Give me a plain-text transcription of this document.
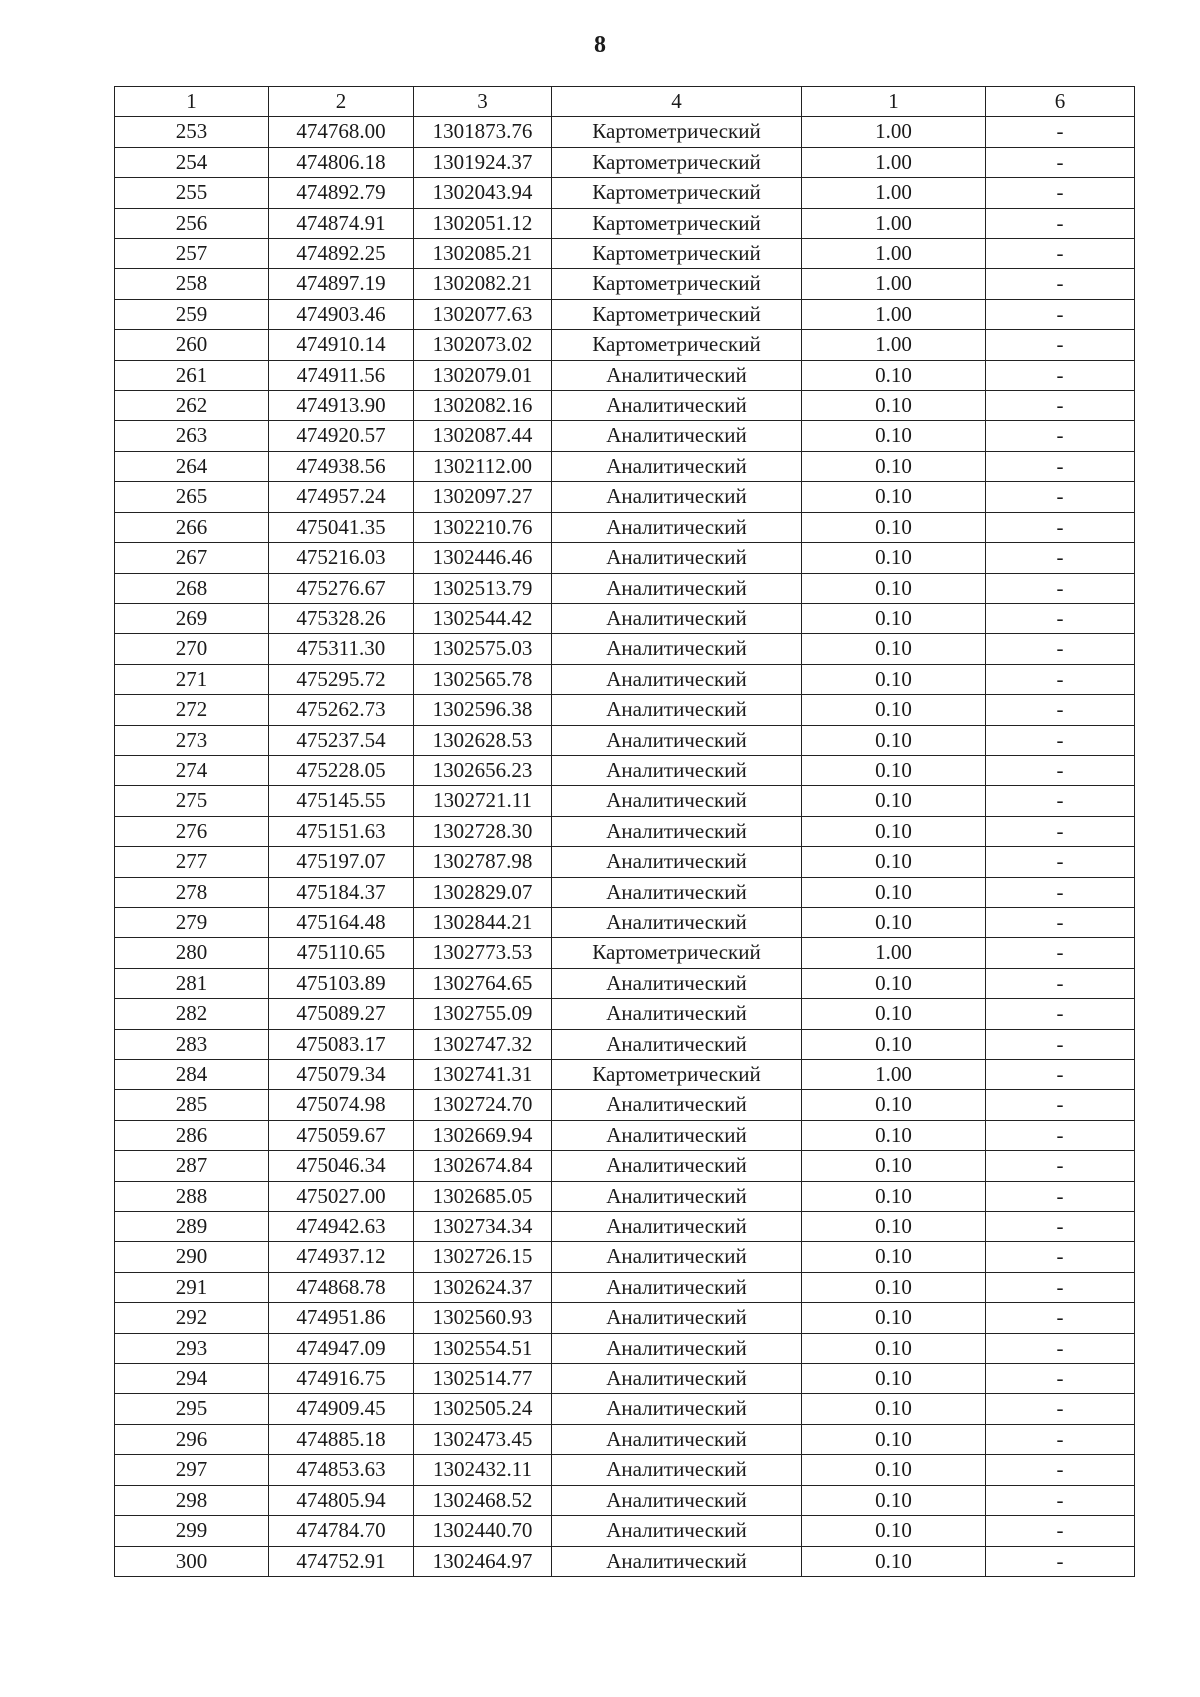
8
1	2	3	4	1	6
253	474768.00	1301873.76	Картометрический	1.00	-
254	474806.18	1301924.37	Картометрический	1.00	-
255	474892.79	1302043.94	Картометрический	1.00	-
256	474874.91	1302051.12	Картометрический	1.00	-
257	474892.25	1302085.21	Картометрический	1.00	-
258	474897.19	1302082.21	Картометрический	1.00	-
259	474903.46	1302077.63	Картометрический	1.00	-
260	474910.14	1302073.02	Картометрический	1.00	-
261	474911.56	1302079.01	Аналитический	0.10	-
262	474913.90	1302082.16	Аналитический	0.10	-
263	474920.57	1302087.44	Аналитический	0.10	-
264	474938.56	1302112.00	Аналитический	0.10	-
265	474957.24	1302097.27	Аналитический	0.10	-
266	475041.35	1302210.76	Аналитический	0.10	-
267	475216.03	1302446.46	Аналитический	0.10	-
268	475276.67	1302513.79	Аналитический	0.10	-
269	475328.26	1302544.42	Аналитический	0.10	-
270	475311.30	1302575.03	Аналитический	0.10	-
271	475295.72	1302565.78	Аналитический	0.10	-
272	475262.73	1302596.38	Аналитический	0.10	-
273	475237.54	1302628.53	Аналитический	0.10	-
274	475228.05	1302656.23	Аналитический	0.10	-
275	475145.55	1302721.11	Аналитический	0.10	-
276	475151.63	1302728.30	Аналитический	0.10	-
277	475197.07	1302787.98	Аналитический	0.10	-
278	475184.37	1302829.07	Аналитический	0.10	-
279	475164.48	1302844.21	Аналитический	0.10	-
280	475110.65	1302773.53	Картометрический	1.00	-
281	475103.89	1302764.65	Аналитический	0.10	-
282	475089.27	1302755.09	Аналитический	0.10	-
283	475083.17	1302747.32	Аналитический	0.10	-
284	475079.34	1302741.31	Картометрический	1.00	-
285	475074.98	1302724.70	Аналитический	0.10	-
286	475059.67	1302669.94	Аналитический	0.10	-
287	475046.34	1302674.84	Аналитический	0.10	-
288	475027.00	1302685.05	Аналитический	0.10	-
289	474942.63	1302734.34	Аналитический	0.10	-
290	474937.12	1302726.15	Аналитический	0.10	-
291	474868.78	1302624.37	Аналитический	0.10	-
292	474951.86	1302560.93	Аналитический	0.10	-
293	474947.09	1302554.51	Аналитический	0.10	-
294	474916.75	1302514.77	Аналитический	0.10	-
295	474909.45	1302505.24	Аналитический	0.10	-
296	474885.18	1302473.45	Аналитический	0.10	-
297	474853.63	1302432.11	Аналитический	0.10	-
298	474805.94	1302468.52	Аналитический	0.10	-
299	474784.70	1302440.70	Аналитический	0.10	-
300	474752.91	1302464.97	Аналитический	0.10	-
